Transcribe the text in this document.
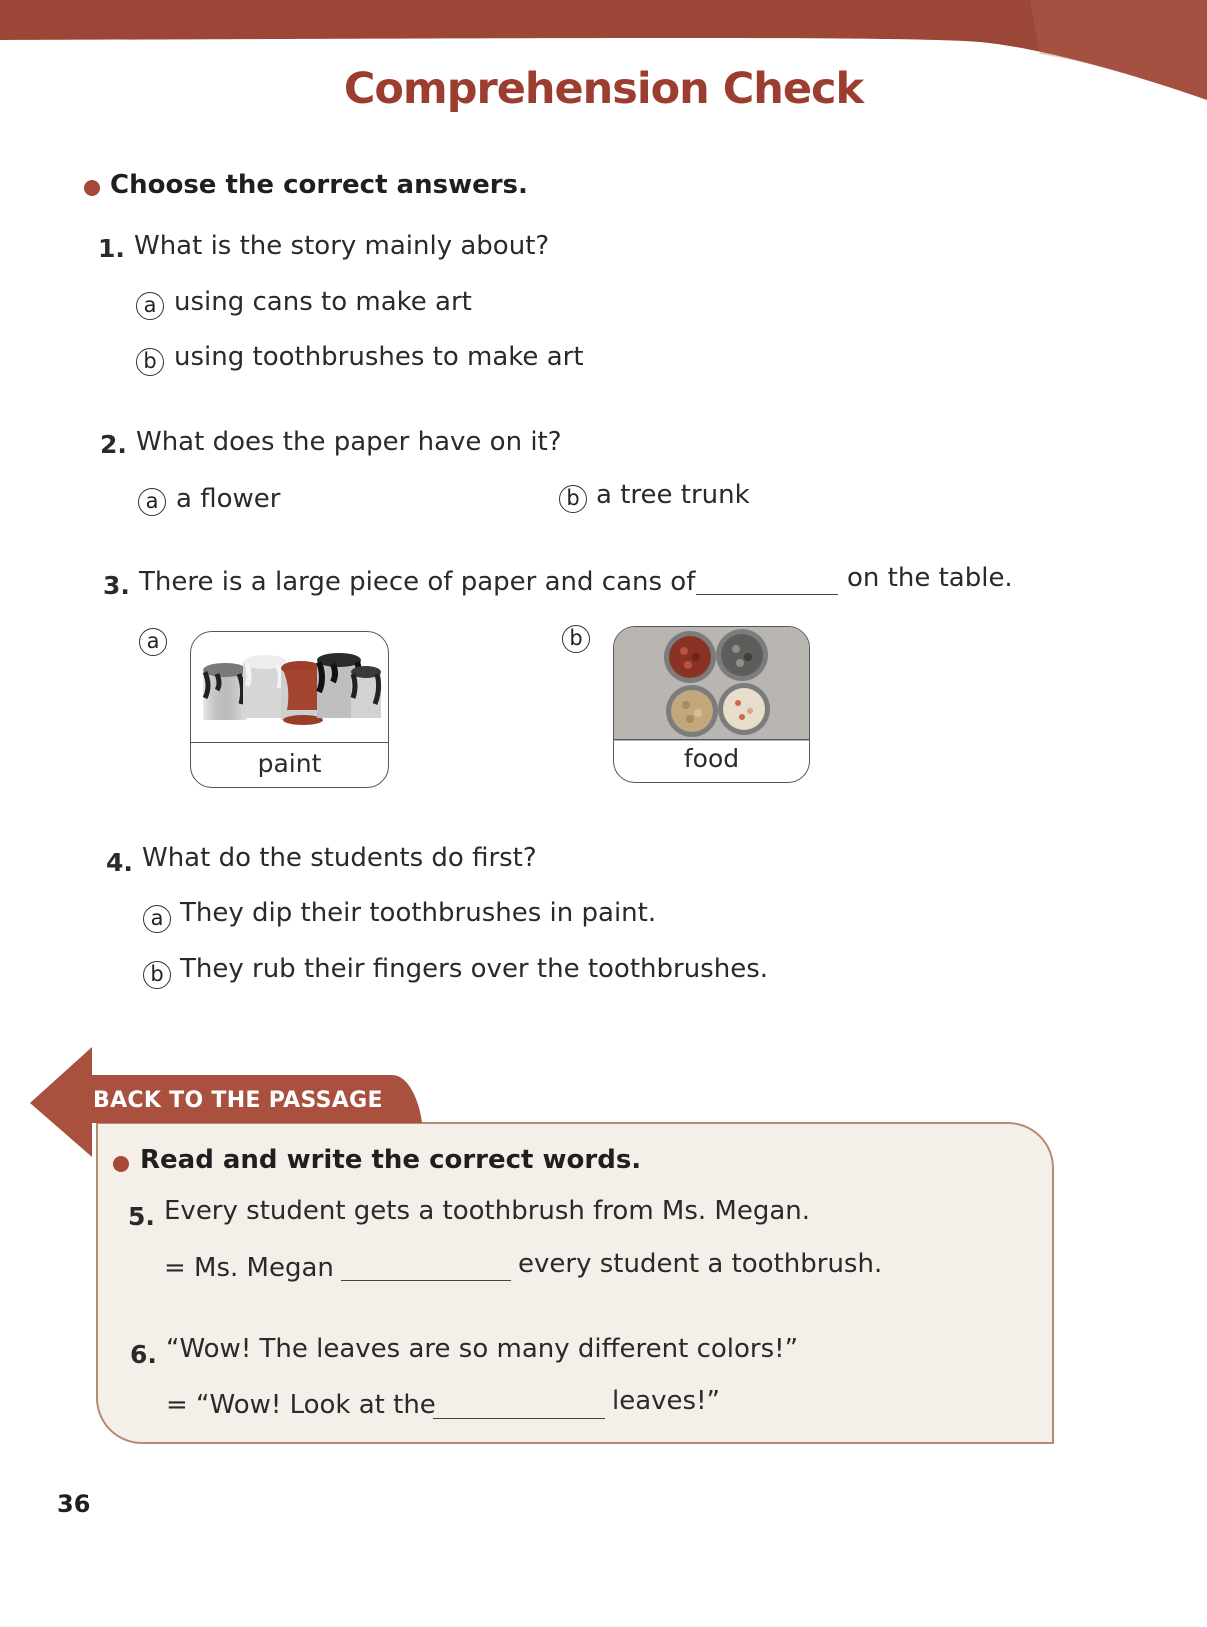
Comprehension Check
Choose the correct answers.
1. What is the story mainly about?
a using cans to make art
b using toothbrushes to make art
2. What does the paper have on it?
a a flower	b a tree trunk
3. There is a large piece of paper and cans of	on the table.
a
paint
b
food
4. What do the students do first?
a They dip their toothbrushes in paint.
b They rub their fingers over the toothbrushes.
BACK TO THE PASSAGE
Read and write the correct words.
5. Every student gets a toothbrush from Ms. Megan.
= Ms. Megan	every student a toothbrush.
6. “Wow! The leaves are so many different colors!”
= “Wow! Look at the	leaves!”
36
